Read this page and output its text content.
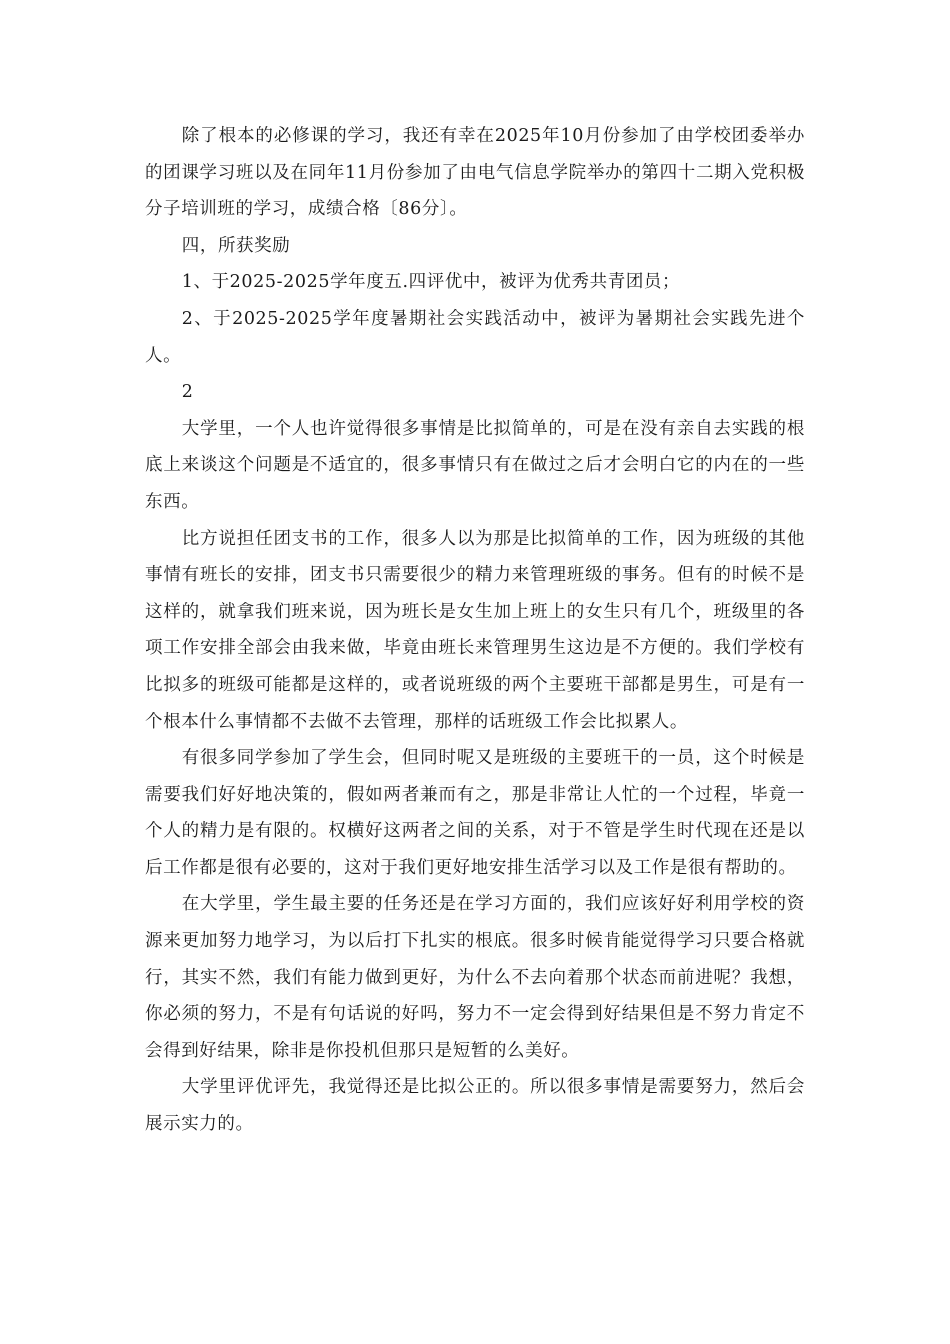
除了根本的必修课的学习，我还有幸在2025年10月份参加了由学校团委举办的团课学习班以及在同年11月份参加了由电气信息学院举办的第四十二期入党积极分子培训班的学习，成绩合格〔86分〕。

四，所获奖励

1、于2025-2025学年度五.四评优中，被评为优秀共青团员；

2、于2025-2025学年度暑期社会实践活动中，被评为暑期社会实践先进个人。

2

大学里，一个人也许觉得很多事情是比拟简单的，可是在没有亲自去实践的根底上来谈这个问题是不适宜的，很多事情只有在做过之后才会明白它的内在的一些东西。

比方说担任团支书的工作，很多人以为那是比拟简单的工作，因为班级的其他事情有班长的安排，团支书只需要很少的精力来管理班级的事务。但有的时候不是这样的，就拿我们班来说，因为班长是女生加上班上的女生只有几个，班级里的各项工作安排全部会由我来做，毕竟由班长来管理男生这边是不方便的。我们学校有比拟多的班级可能都是这样的，或者说班级的两个主要班干部都是男生，可是有一个根本什么事情都不去做不去管理，那样的话班级工作会比拟累人。

有很多同学参加了学生会，但同时呢又是班级的主要班干的一员，这个时候是需要我们好好地决策的，假如两者兼而有之，那是非常让人忙的一个过程，毕竟一个人的精力是有限的。权横好这两者之间的关系，对于不管是学生时代现在还是以后工作都是很有必要的，这对于我们更好地安排生活学习以及工作是很有帮助的。

在大学里，学生最主要的任务还是在学习方面的，我们应该好好利用学校的资源来更加努力地学习，为以后打下扎实的根底。很多时候肯能觉得学习只要合格就行，其实不然，我们有能力做到更好，为什么不去向着那个状态而前进呢？我想，你必须的努力，不是有句话说的好吗，努力不一定会得到好结果但是不努力肯定不会得到好结果，除非是你投机但那只是短暂的么美好。

大学里评优评先，我觉得还是比拟公正的。所以很多事情是需要努力，然后会展示实力的。
